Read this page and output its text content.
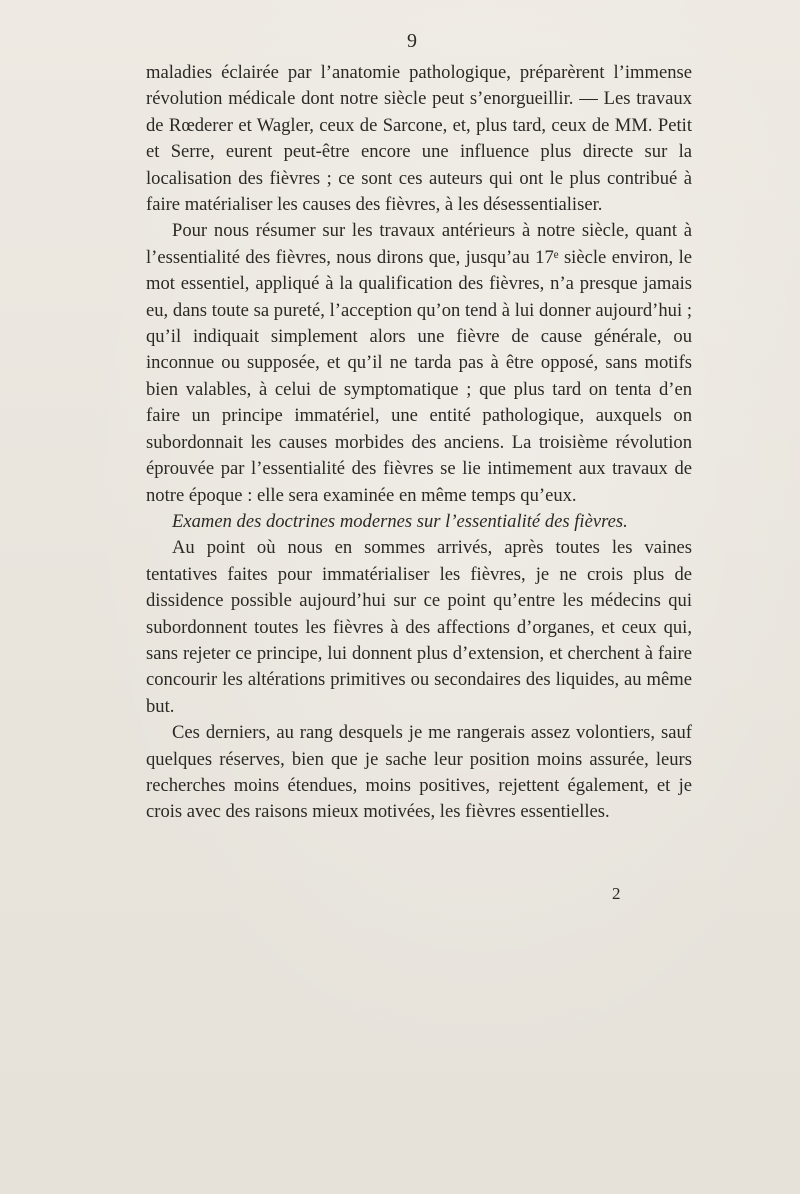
9

maladies éclairée par l’anatomie pathologique, préparèrent l’immense révolution médicale dont notre siècle peut s’enorgueillir. — Les travaux de Rœderer et Wagler, ceux de Sarcone, et, plus tard, ceux de MM. Petit et Serre, eurent peut-être encore une influence plus directe sur la localisation des fièvres ; ce sont ces auteurs qui ont le plus contribué à faire matérialiser les causes des fièvres, à les désessentialiser.

Pour nous résumer sur les travaux antérieurs à notre siècle, quant à l’essentialité des fièvres, nous dirons que, jusqu’au 17ᵉ siècle environ, le mot essentiel, appliqué à la qualification des fièvres, n’a presque jamais eu, dans toute sa pureté, l’acception qu’on tend à lui donner aujourd’hui ; qu’il indiquait simplement alors une fièvre de cause générale, ou inconnue ou supposée, et qu’il ne tarda pas à être opposé, sans motifs bien valables, à celui de symptomatique ; que plus tard on tenta d’en faire un principe immatériel, une entité pathologique, auxquels on subordonnait les causes morbides des anciens. La troisième révolution éprouvée par l’essentialité des fièvres se lie intimement aux travaux de notre époque : elle sera examinée en même temps qu’eux.

Examen des doctrines modernes sur l’essentialité des fièvres.

Au point où nous en sommes arrivés, après toutes les vaines tentatives faites pour immatérialiser les fièvres, je ne crois plus de dissidence possible aujourd’hui sur ce point qu’entre les médecins qui subordonnent toutes les fièvres à des affections d’organes, et ceux qui, sans rejeter ce principe, lui donnent plus d’extension, et cherchent à faire concourir les altérations primitives ou secondaires des liquides, au même but.

Ces derniers, au rang desquels je me rangerais assez volontiers, sauf quelques réserves, bien que je sache leur position moins assurée, leurs recherches moins étendues, moins positives, rejettent également, et je crois avec des raisons mieux motivées, les fièvres essentielles.

2
